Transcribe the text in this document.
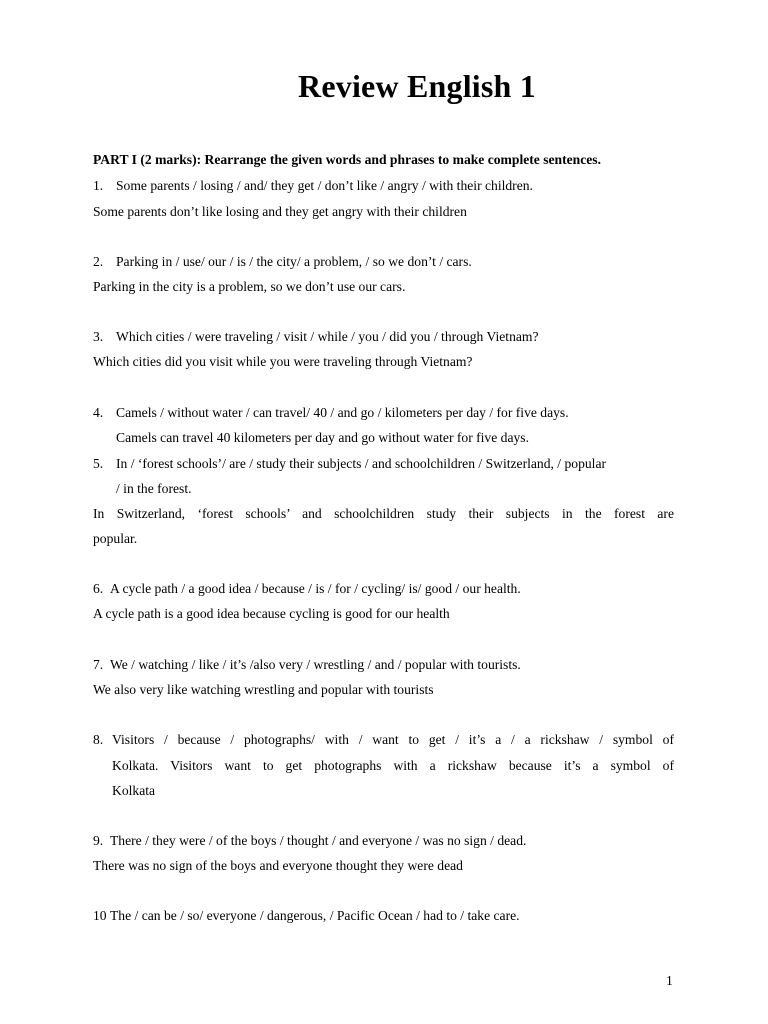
Review English 1
PART I (2 marks): Rearrange the given words and phrases to make complete sentences.
1. Some parents / losing / and/ they get / don’t like / angry / with their children.
Some parents don’t like losing and they get angry with their children
2. Parking in / use/ our / is / the city/ a problem, / so we don’t / cars.
Parking in the city is a problem, so we don’t use our cars.
3. Which cities / were traveling / visit / while / you / did you / through Vietnam?
Which cities did you visit while you were traveling through Vietnam?
4. Camels / without water / can travel/ 40 / and go / kilometers per day / for five days.
Camels can travel 40 kilometers per day and go without water for five days.
5. In / ‘forest schools’/ are / study their subjects / and schoolchildren / Switzerland, / popular
/ in the forest.
In Switzerland, ‘forest schools’ and schoolchildren study their subjects in the forest are
popular.
6. A cycle path / a good idea / because / is / for / cycling/ is/ good / our health.
A cycle path is a good idea because cycling is good for our health
7. We / watching / like / it’s /also very / wrestling / and / popular with tourists.
We also very like watching wrestling and popular with tourists
8. Visitors / because / photographs/ with / want to get / it’s a / a rickshaw / symbol of
Kolkata. Visitors want to get photographs with a rickshaw because it’s a symbol of
Kolkata
9. There / they were / of the boys / thought / and everyone / was no sign / dead.
There was no sign of the boys and everyone thought they were dead
10 The / can be / so/ everyone / dangerous, / Pacific Ocean / had to / take care.
1
